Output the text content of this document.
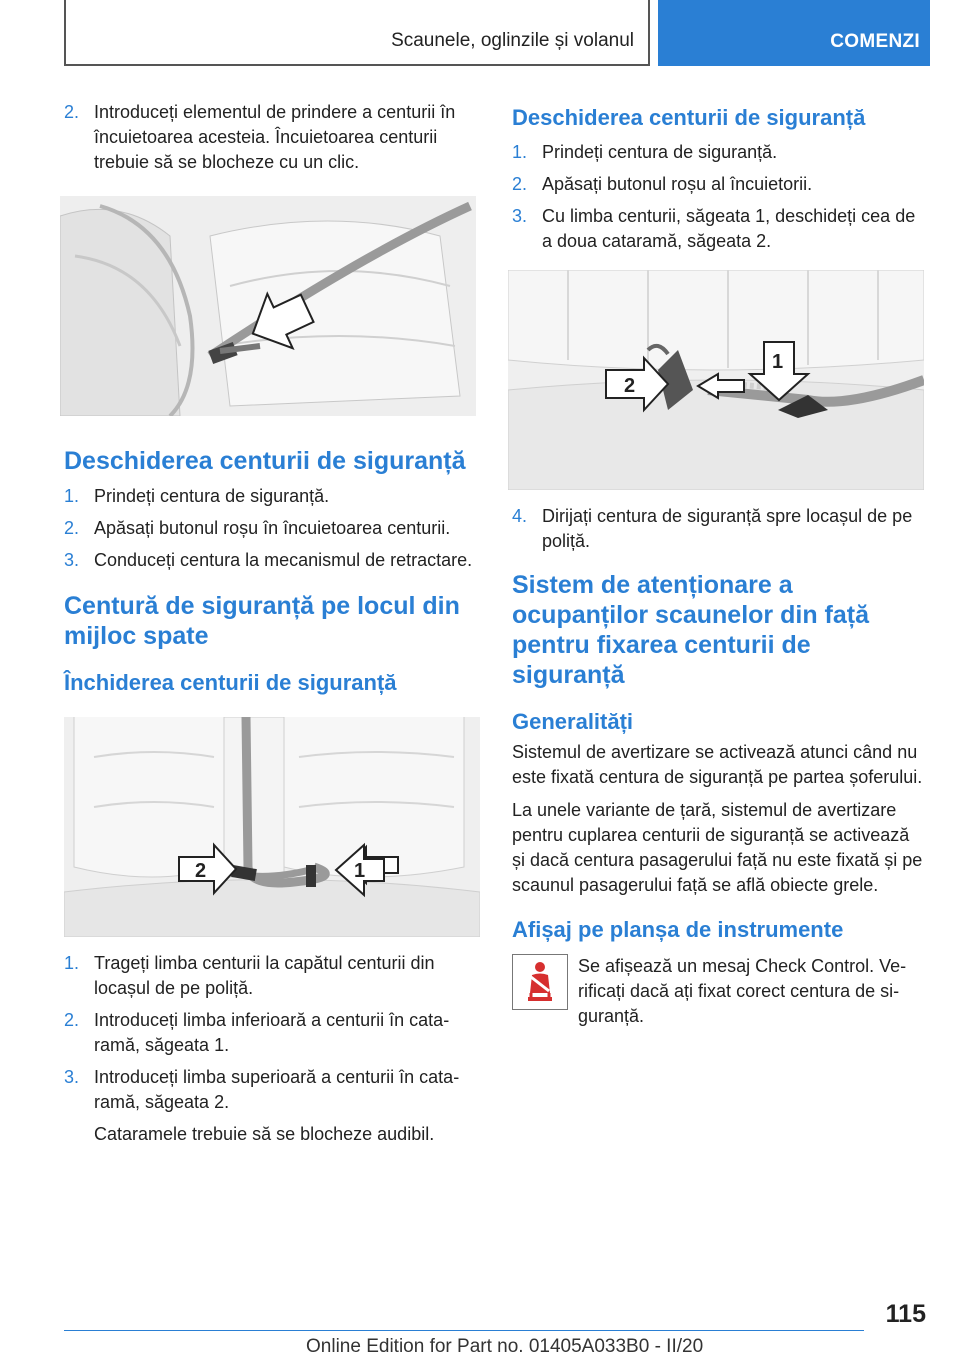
Scaunele, oglinzile și volanul	COMENZI
2. Introduceți elementul de prindere a centurii în încuietoarea acesteia. Încuietoarea centurii trebuie să se blocheze cu un clic.
Deschiderea centurii de siguranță
1. Prindeți centura de siguranță.
2. Apăsați butonul roșu în încuietoarea centurii.
3. Conduceți centura la mecanismul de retractare.
Centură de siguranță pe locul din mijloc spate
Închiderea centurii de siguranță
2	1
1. Trageți limba centurii la capătul centurii din locașul de pe poliță.
2. Introduceți limba inferioară a centurii în cataramă, săgeata 1.
3. Introduceți limba superioară a centurii în cataramă, săgeata 2.
Cataramele trebuie să se blocheze audibil.
Deschiderea centurii de siguranță
1. Prindeți centura de siguranță.
2. Apăsați butonul roșu al încuietorii.
3. Cu limba centurii, săgeata 1, deschideți cea de a doua cataramă, săgeata 2.
2
1
4. Dirijați centura de siguranță spre locașul de pe poliță.
Sistem de atenționare a ocupanților scaunelor din față pentru fixarea centurii de siguranță
Generalități
Sistemul de avertizare se activează atunci când nu este fixată centura de siguranță pe partea șoferului.
La unele variante de țară, sistemul de avertizare pentru cuplarea centurii de siguranță se activează și dacă centura pasagerului față nu este fixată și pe scaunul pasagerului față se află obiecte grele.
Afișaj pe planșa de instrumente
Se afișează un mesaj Check Control. Verificați dacă ați fixat corect centura de siguranță.
115
Online Edition for Part no. 01405A033B0 - II/20
